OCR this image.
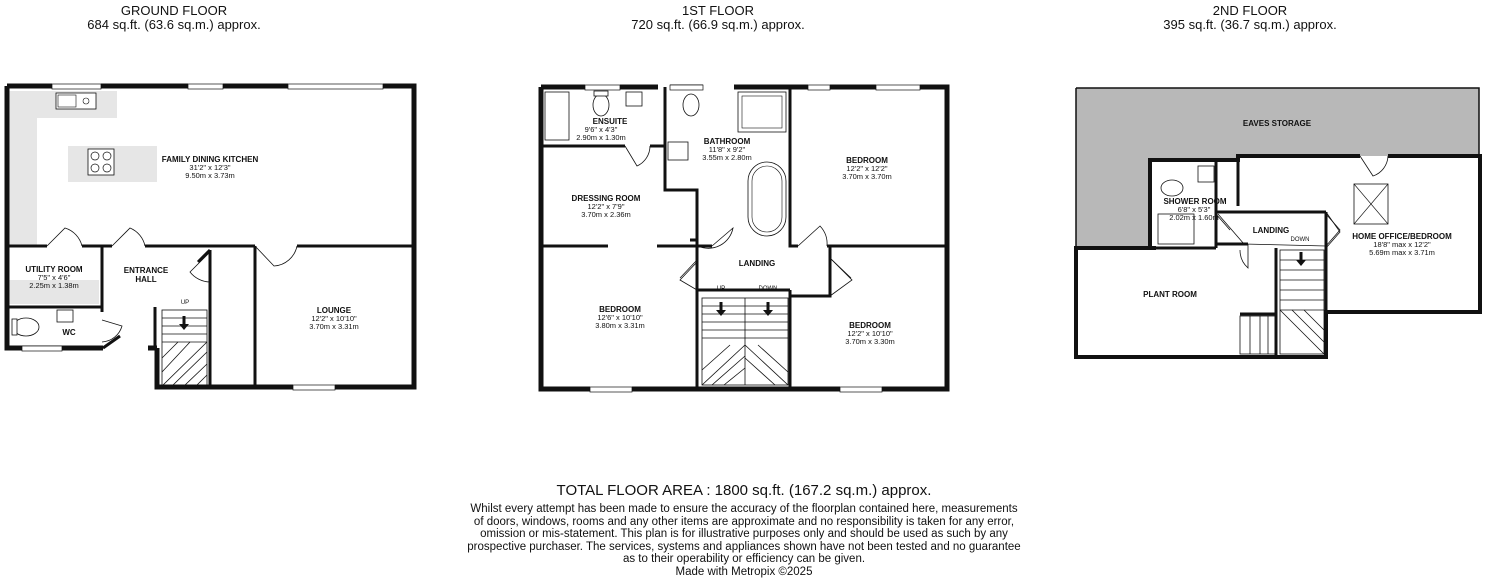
GROUND FLOOR
684 sq.ft. (63.6 sq.m.) approx.
1ST FLOOR
720 sq.ft. (66.9 sq.m.) approx.
2ND FLOOR
395 sq.ft. (36.7 sq.m.) approx.
FAMILY DINING KITCHEN
31'2" x 12'3"
9.50m x 3.73m
UTILITY ROOM
7'5" x 4'6"
2.25m x 1.38m
ENTRANCE
HALL
WC
UP
LOUNGE
12'2" x 10'10"
3.70m x 3.31m
ENSUITE
9'6" x 4'3"
2.90m x 1.30m	BATHROOM
11'8" x 9'2"
3.55m x 2.80m	BEDROOM
12'2" x 12'2"
3.70m x 3.70m
DRESSING ROOM
12'2" x 7'9"
3.70m x 2.36m
LANDING
UP	DOWN
BEDROOM
12'6" x 10'10"
3.80m x 3.31m	BEDROOM
12'2" x 10'10"
3.70m x 3.30m
EAVES STORAGE
SHOWER ROOM
6'8" x 5'3"
2.02m x 1.60m
LANDING
DOWN	HOME OFFICE/BEDROOM
18'8" max x 12'2"
5.69m max x 3.71m
PLANT ROOM
TOTAL FLOOR AREA : 1800 sq.ft. (167.2 sq.m.) approx.
Whilst every attempt has been made to ensure the accuracy of the floorplan contained here, measurements
of doors, windows, rooms and any other items are approximate and no responsibility is taken for any error,
omission or mis-statement. This plan is for illustrative purposes only and should be used as such by any
prospective purchaser. The services, systems and appliances shown have not been tested and no guarantee
as to their operability or efficiency can be given.
Made with Metropix ©2025
